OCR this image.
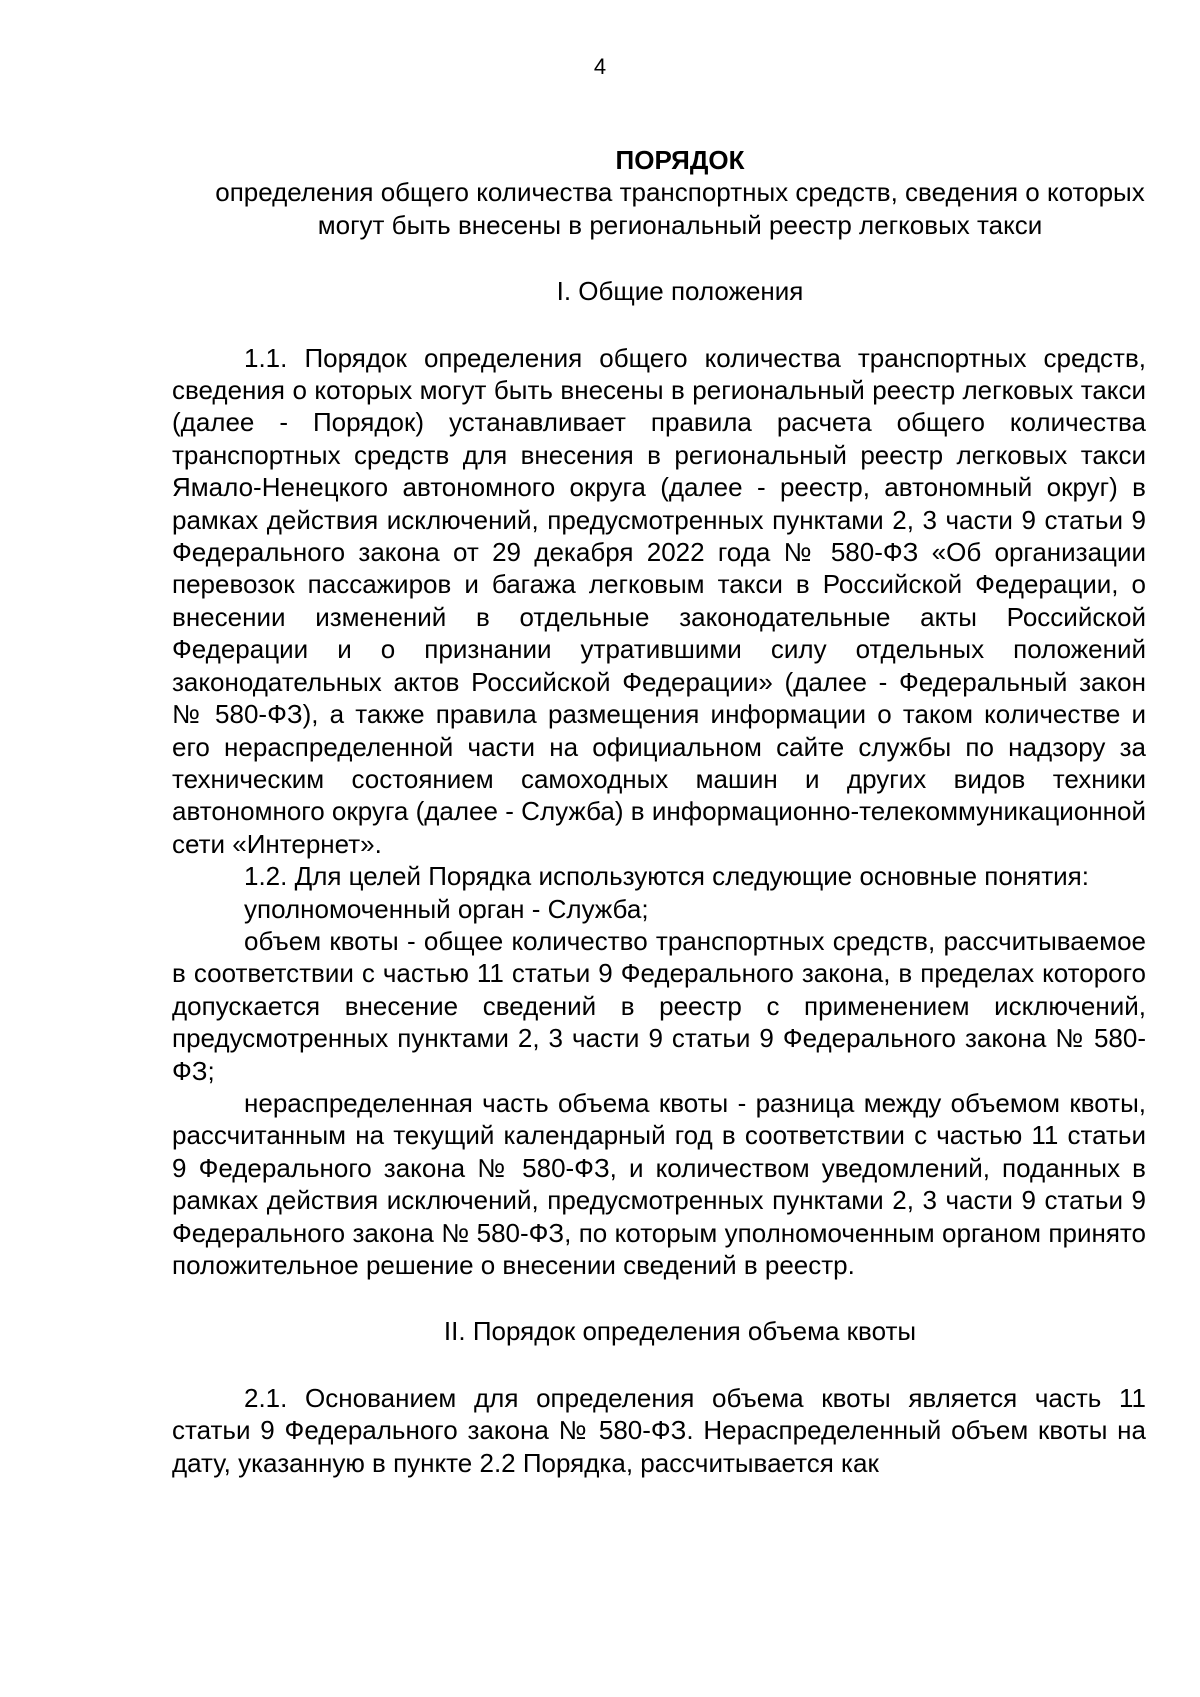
4

ПОРЯДОК

определения общего количества транспортных средств, сведения о которых могут быть внесены в региональный реестр легковых такси

I. Общие положения

1.1. Порядок определения общего количества транспортных средств, сведения о которых могут быть внесены в региональный реестр легковых такси (далее - Порядок) устанавливает правила расчета общего количества транспортных средств для внесения в региональный реестр легковых такси Ямало-Ненецкого автономного округа (далее - реестр, автономный округ) в рамках действия исключений, предусмотренных пунктами 2, 3 части 9 статьи 9 Федерального закона от 29 декабря 2022 года № 580-ФЗ «Об организации перевозок пассажиров и багажа легковым такси в Российской Федерации, о внесении изменений в отдельные законодательные акты Российской Федерации и о признании утратившими силу отдельных положений законодательных актов Российской Федерации» (далее - Федеральный закон № 580-ФЗ), а также правила размещения информации о таком количестве и его нераспределенной части на официальном сайте службы по надзору за техническим состоянием самоходных машин и других видов техники автономного округа (далее - Служба) в информационно-телекоммуникационной сети «Интернет».

1.2. Для целей Порядка используются следующие основные понятия:

уполномоченный орган - Служба;

объем квоты - общее количество транспортных средств, рассчитываемое в соответствии с частью 11 статьи 9 Федерального закона, в пределах которого допускается внесение сведений в реестр с применением исключений, предусмотренных пунктами 2, 3 части 9 статьи 9 Федерального закона № 580-ФЗ;

нераспределенная часть объема квоты - разница между объемом квоты, рассчитанным на текущий календарный год в соответствии с частью 11 статьи 9 Федерального закона № 580-ФЗ, и количеством уведомлений, поданных в рамках действия исключений, предусмотренных пунктами 2, 3 части 9 статьи 9 Федерального закона № 580-ФЗ, по которым уполномоченным органом принято положительное решение о внесении сведений в реестр.

II. Порядок определения объема квоты

2.1. Основанием для определения объема квоты является часть 11 статьи 9 Федерального закона № 580-ФЗ. Нераспределенный объем квоты на дату, указанную в пункте 2.2 Порядка, рассчитывается как
